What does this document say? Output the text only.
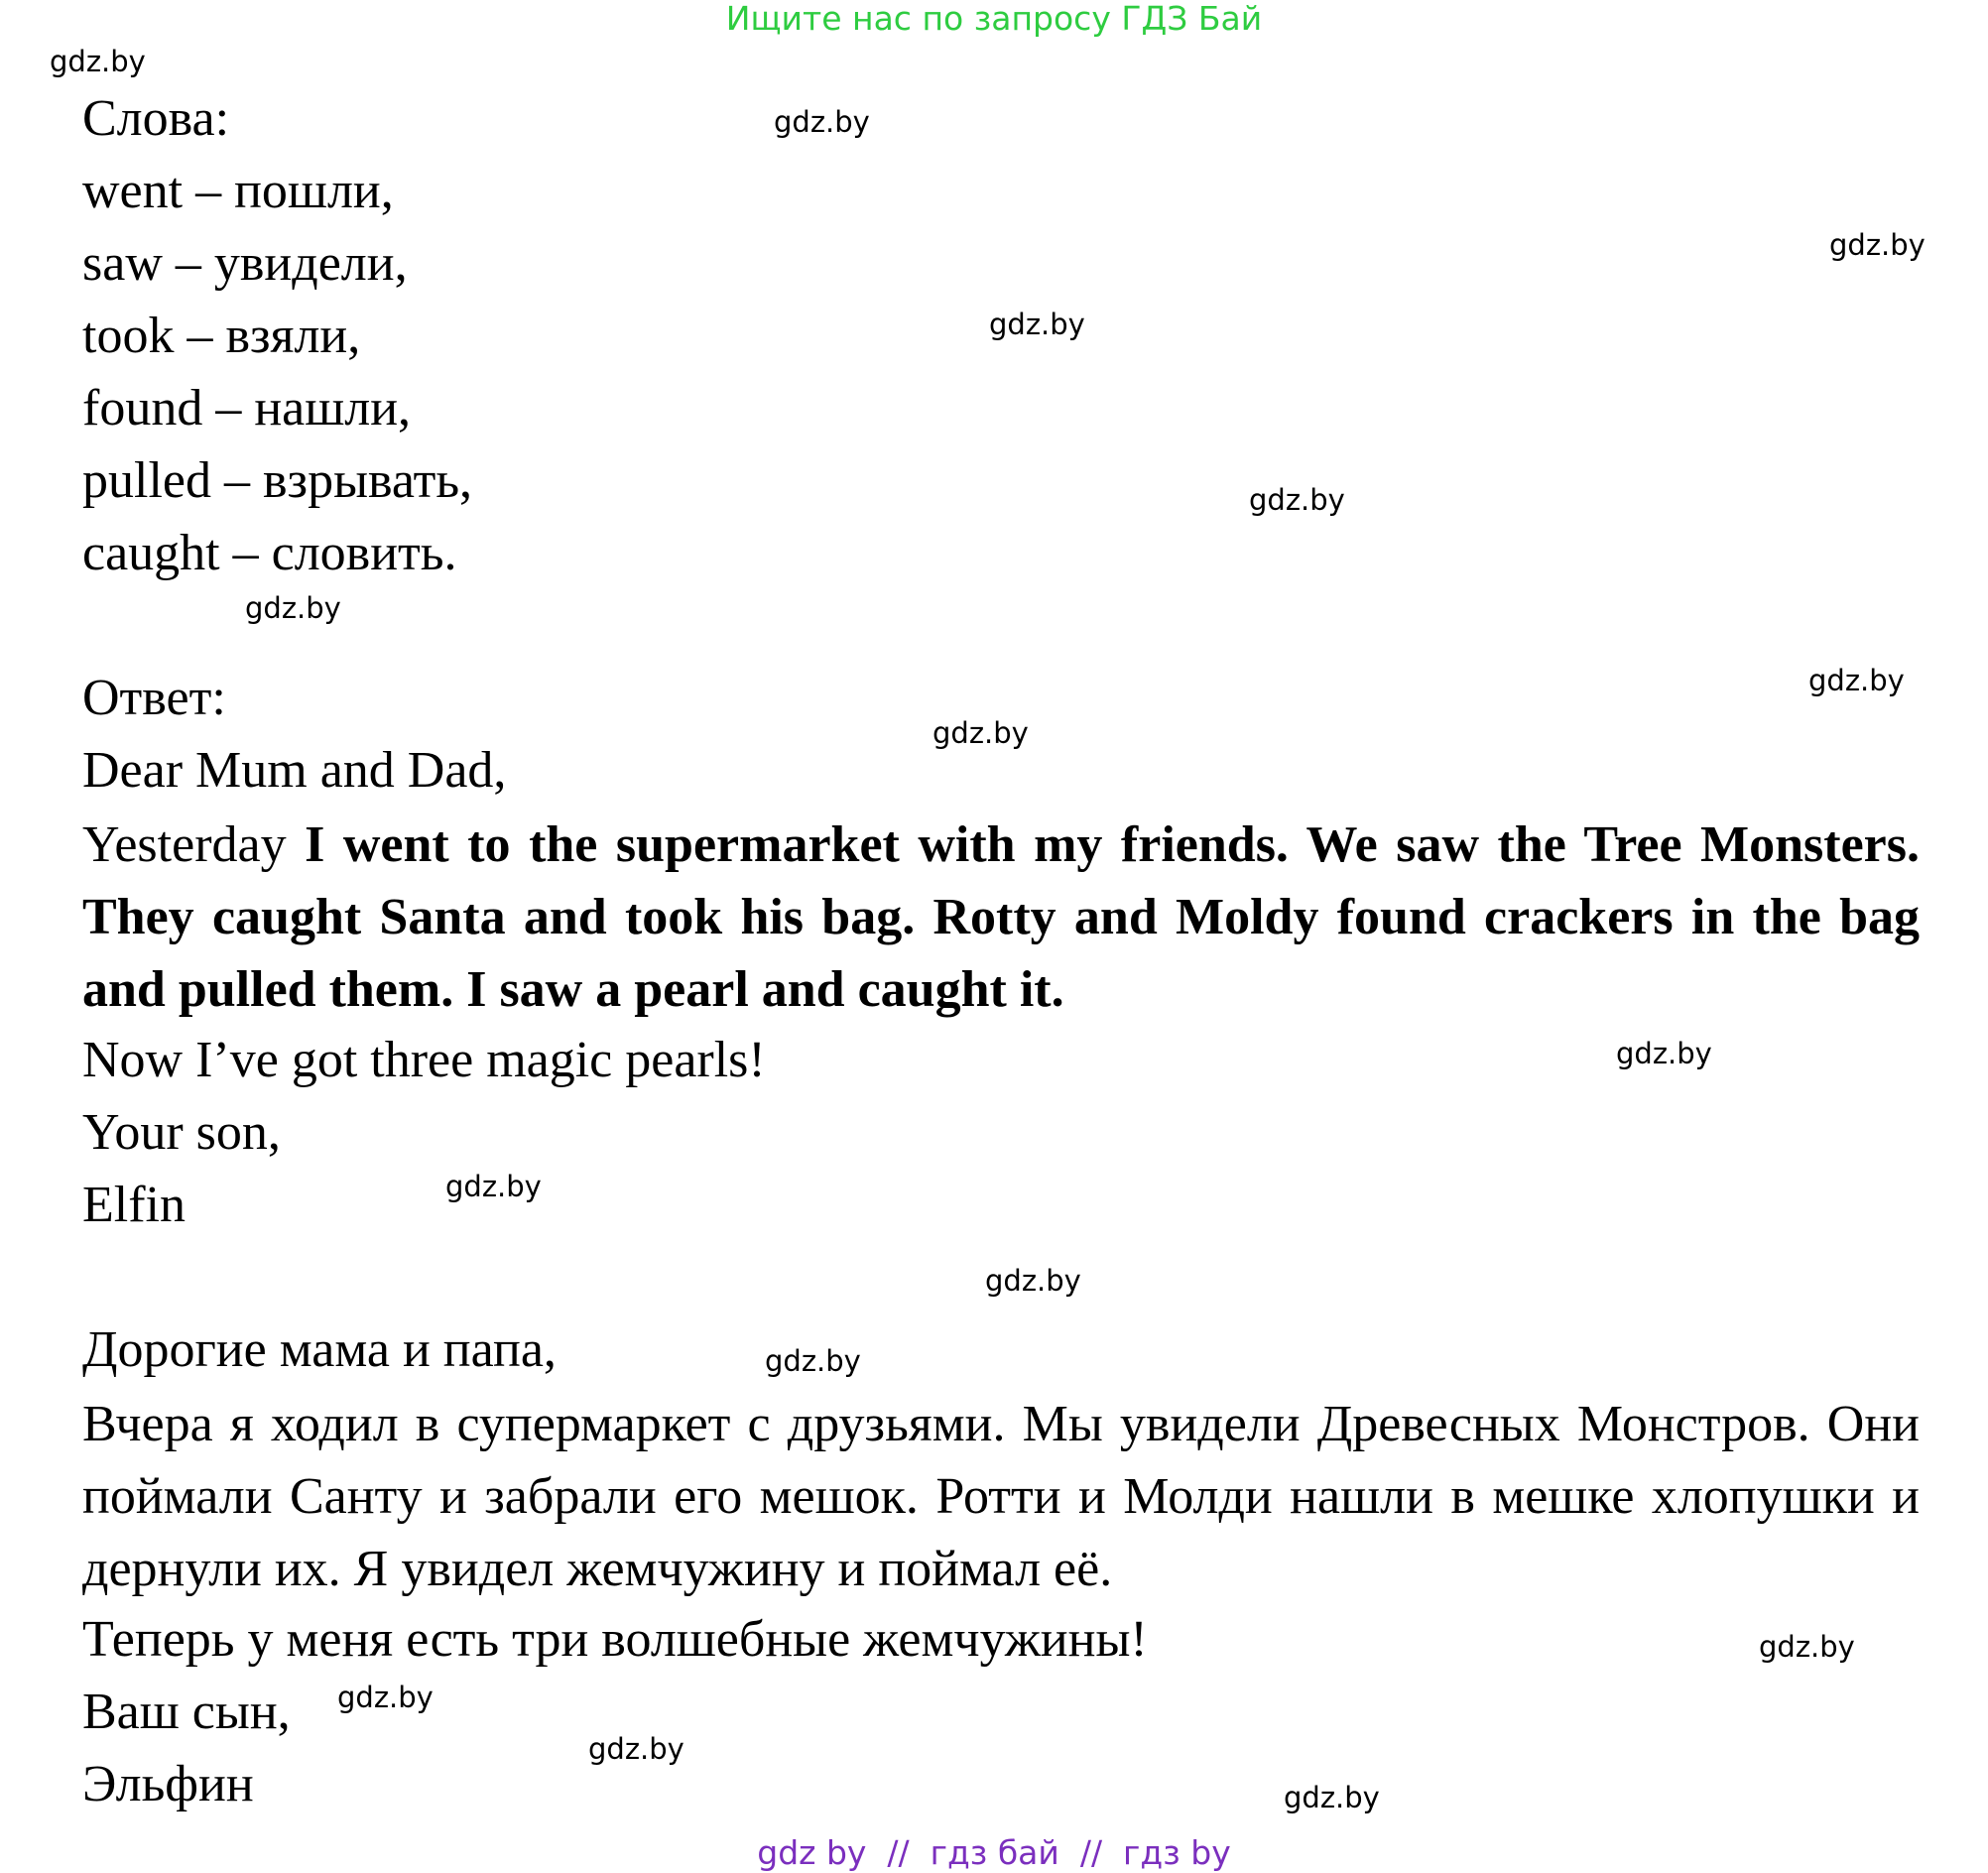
Ищите нас по запросу ГДЗ Бай
Слова:
went – пошли,
saw – увидели,
took – взяли,
found – нашли,
pulled – взрывать,
caught – словить.
Ответ:
Dear Mum and Dad,
Yesterday I went to the supermarket with my friends. We saw the Tree Monsters. They caught Santa and took his bag. Rotty and Moldy found crackers in the bag and pulled them. I saw a pearl and caught it.
Now I’ve got three magic pearls!
Your son,
Elfin
Дорогие мама и папа,
Вчера я ходил в супермаркет с друзьями. Мы увидели Древесных Монстров. Они поймали Санту и забрали его мешок. Ротти и Молди нашли в мешке хлопушки и дернули их. Я увидел жемчужину и поймал её.
Теперь у меня есть три волшебные жемчужины!
Ваш сын,
Эльфин
gdz.by
gdz.by
gdz.by
gdz.by
gdz.by
gdz.by
gdz.by
gdz.by
gdz.by
gdz.by
gdz.by
gdz.by
gdz.by
gdz.by
gdz.by
gdz.by
gdz by  //  гдз бай  //  гдз by
